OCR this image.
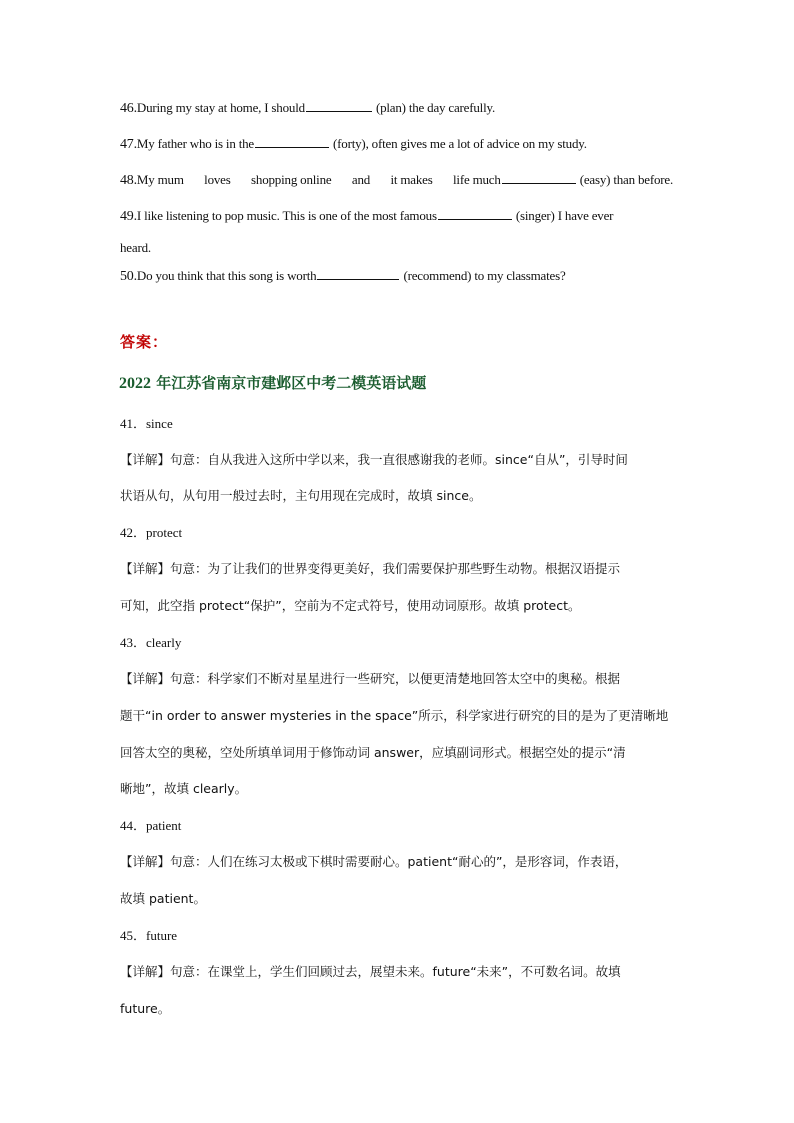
46.During my stay at home, I should	(plan) the day carefully.
47.My father who is in the	(forty), often gives me a lot of advice on my study.
48.My mum loves shopping online and it makes life much	(easy) than before.
49.I like listening to pop music. This is one of the most famous	(singer) I have ever
heard.
50.Do you think that this song is worth	(recommend) to my classmates?
答案：
2022 年江苏省南京市建邺区中考二模英语试题
41．since
【详解】句意：自从我进入这所中学以来，我一直很感谢我的老师。since“自从”，引导时间
状语从句，从句用一般过去时，主句用现在完成时，故填 since。
42．protect
【详解】句意：为了让我们的世界变得更美好，我们需要保护那些野生动物。根据汉语提示
可知，此空指 protect“保护”，空前为不定式符号，使用动词原形。故填 protect。
43．clearly
【详解】句意：科学家们不断对星星进行一些研究，以便更清楚地回答太空中的奥秘。根据
题干“in order to answer mysteries in the space”所示，科学家进行研究的目的是为了更清晰地
回答太空的奥秘，空处所填单词用于修饰动词 answer，应填副词形式。根据空处的提示“清
晰地”，故填 clearly。
44．patient
【详解】句意：人们在练习太极或下棋时需要耐心。patient“耐心的”，是形容词，作表语，
故填 patient。
45．future
【详解】句意：在课堂上，学生们回顾过去，展望未来。future“未来”，不可数名词。故填
future。
